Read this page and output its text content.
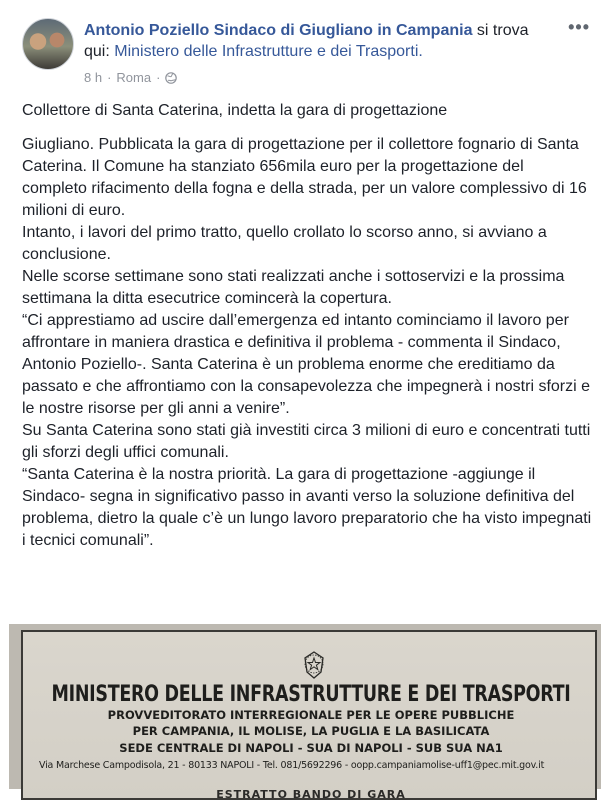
Antonio Poziello Sindaco di Giugliano in Campania si trova qui: Ministero delle Infrastrutture e dei Trasporti.
8 h · Roma ·
•••
Collettore di Santa Caterina, indetta la gara di progettazione
Giugliano. Pubblicata la gara di progettazione per il collettore fognario di Santa Caterina. Il Comune ha stanziato 656mila euro per la progettazione del completo rifacimento della fogna e della strada, per un valore complessivo di 16 milioni di euro.
Intanto, i lavori del primo tratto, quello crollato lo scorso anno, si avviano a conclusione.
Nelle scorse settimane sono stati realizzati anche i sottoservizi e la prossima settimana la ditta esecutrice comincerà la copertura.
“Ci apprestiamo ad uscire dall’emergenza ed intanto cominciamo il lavoro per affrontare in maniera drastica e definitiva il problema - commenta il Sindaco, Antonio Poziello-. Santa Caterina è un problema enorme che ereditiamo da passato e che affrontiamo con la consapevolezza che impegnerà i nostri sforzi e le nostre risorse per gli anni a venire”.
Su Santa Caterina sono stati già investiti circa 3 milioni di euro e concentrati tutti gli sforzi degli uffici comunali.
“Santa Caterina è la nostra priorità. La gara di progettazione -aggiunge il Sindaco- segna in significativo passo in avanti verso la soluzione definitiva del problema, dietro la quale c’è un lungo lavoro preparatorio che ha visto impegnati i tecnici comunali”.
MINISTERO DELLE INFRASTRUTTURE E DEI TRASPORTI
PROVVEDITORATO INTERREGIONALE PER LE OPERE PUBBLICHE
PER CAMPANIA, IL MOLISE, LA PUGLIA E LA BASILICATA
SEDE CENTRALE DI NAPOLI - SUA DI NAPOLI - SUB SUA NA1
Via Marchese Campodisola, 21 - 80133 NAPOLI - Tel. 081/5692296 - oopp.campaniamolise-uff1@pec.mit.gov.it
ESTRATTO BANDO DI GARA
